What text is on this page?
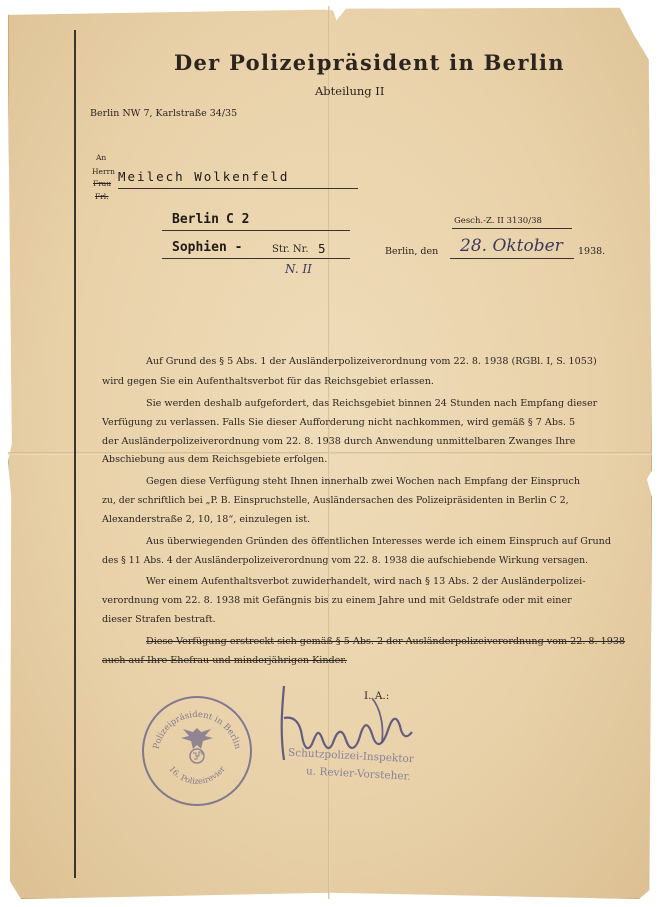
Der Polizeipräsident in Berlin
Abteilung II
Berlin NW 7, Karlstraße 34/35
An
Herrn
Frau
Frl.
Meilech Wolkenfeld
Berlin C 2
Sophien -	Str. Nr. 5
N. II
Gesch.-Z. II 3130/38
Berlin, den 28. Oktober 1938.
Auf Grund des § 5 Abs. 1 der Ausländerpolizeiverordnung vom 22. 8. 1938 (RGBl. I, S. 1053)
wird gegen Sie ein Aufenthaltsverbot für das Reichsgebiet erlassen.
Sie werden deshalb aufgefordert, das Reichsgebiet binnen 24 Stunden nach Empfang dieser
Verfügung zu verlassen. Falls Sie dieser Aufforderung nicht nachkommen, wird gemäß § 7 Abs. 5
der Ausländerpolizeiverordnung vom 22. 8. 1938 durch Anwendung unmittelbaren Zwanges Ihre
Abschiebung aus dem Reichsgebiete erfolgen.
Gegen diese Verfügung steht Ihnen innerhalb zwei Wochen nach Empfang der Einspruch
zu, der schriftlich bei „P. B. Einspruchstelle, Ausländersachen des Polizeipräsidenten in Berlin C 2,
Alexanderstraße 2, 10, 18“, einzulegen ist.
Aus überwiegenden Gründen des öffentlichen Interesses werde ich einem Einspruch auf Grund
des § 11 Abs. 4 der Ausländerpolizeiverordnung vom 22. 8. 1938 die aufschiebende Wirkung versagen.
Wer einem Aufenthaltsverbot zuwiderhandelt, wird nach § 13 Abs. 2 der Ausländerpolizei-
verordnung vom 22. 8. 1938 mit Gefängnis bis zu einem Jahre und mit Geldstrafe oder mit einer
dieser Strafen bestraft.
Diese Verfügung erstreckt sich gemäß § 5 Abs. 2 der Ausländerpolizeiverordnung vom 22. 8. 1938
auch auf Ihre Ehefrau und minderjährigen Kinder.
I. A.:
Schutzpolizei-Inspektor
u. Revier-Vorsteher.
Polizeipräsident in Berlin
16. Polizeirevier
